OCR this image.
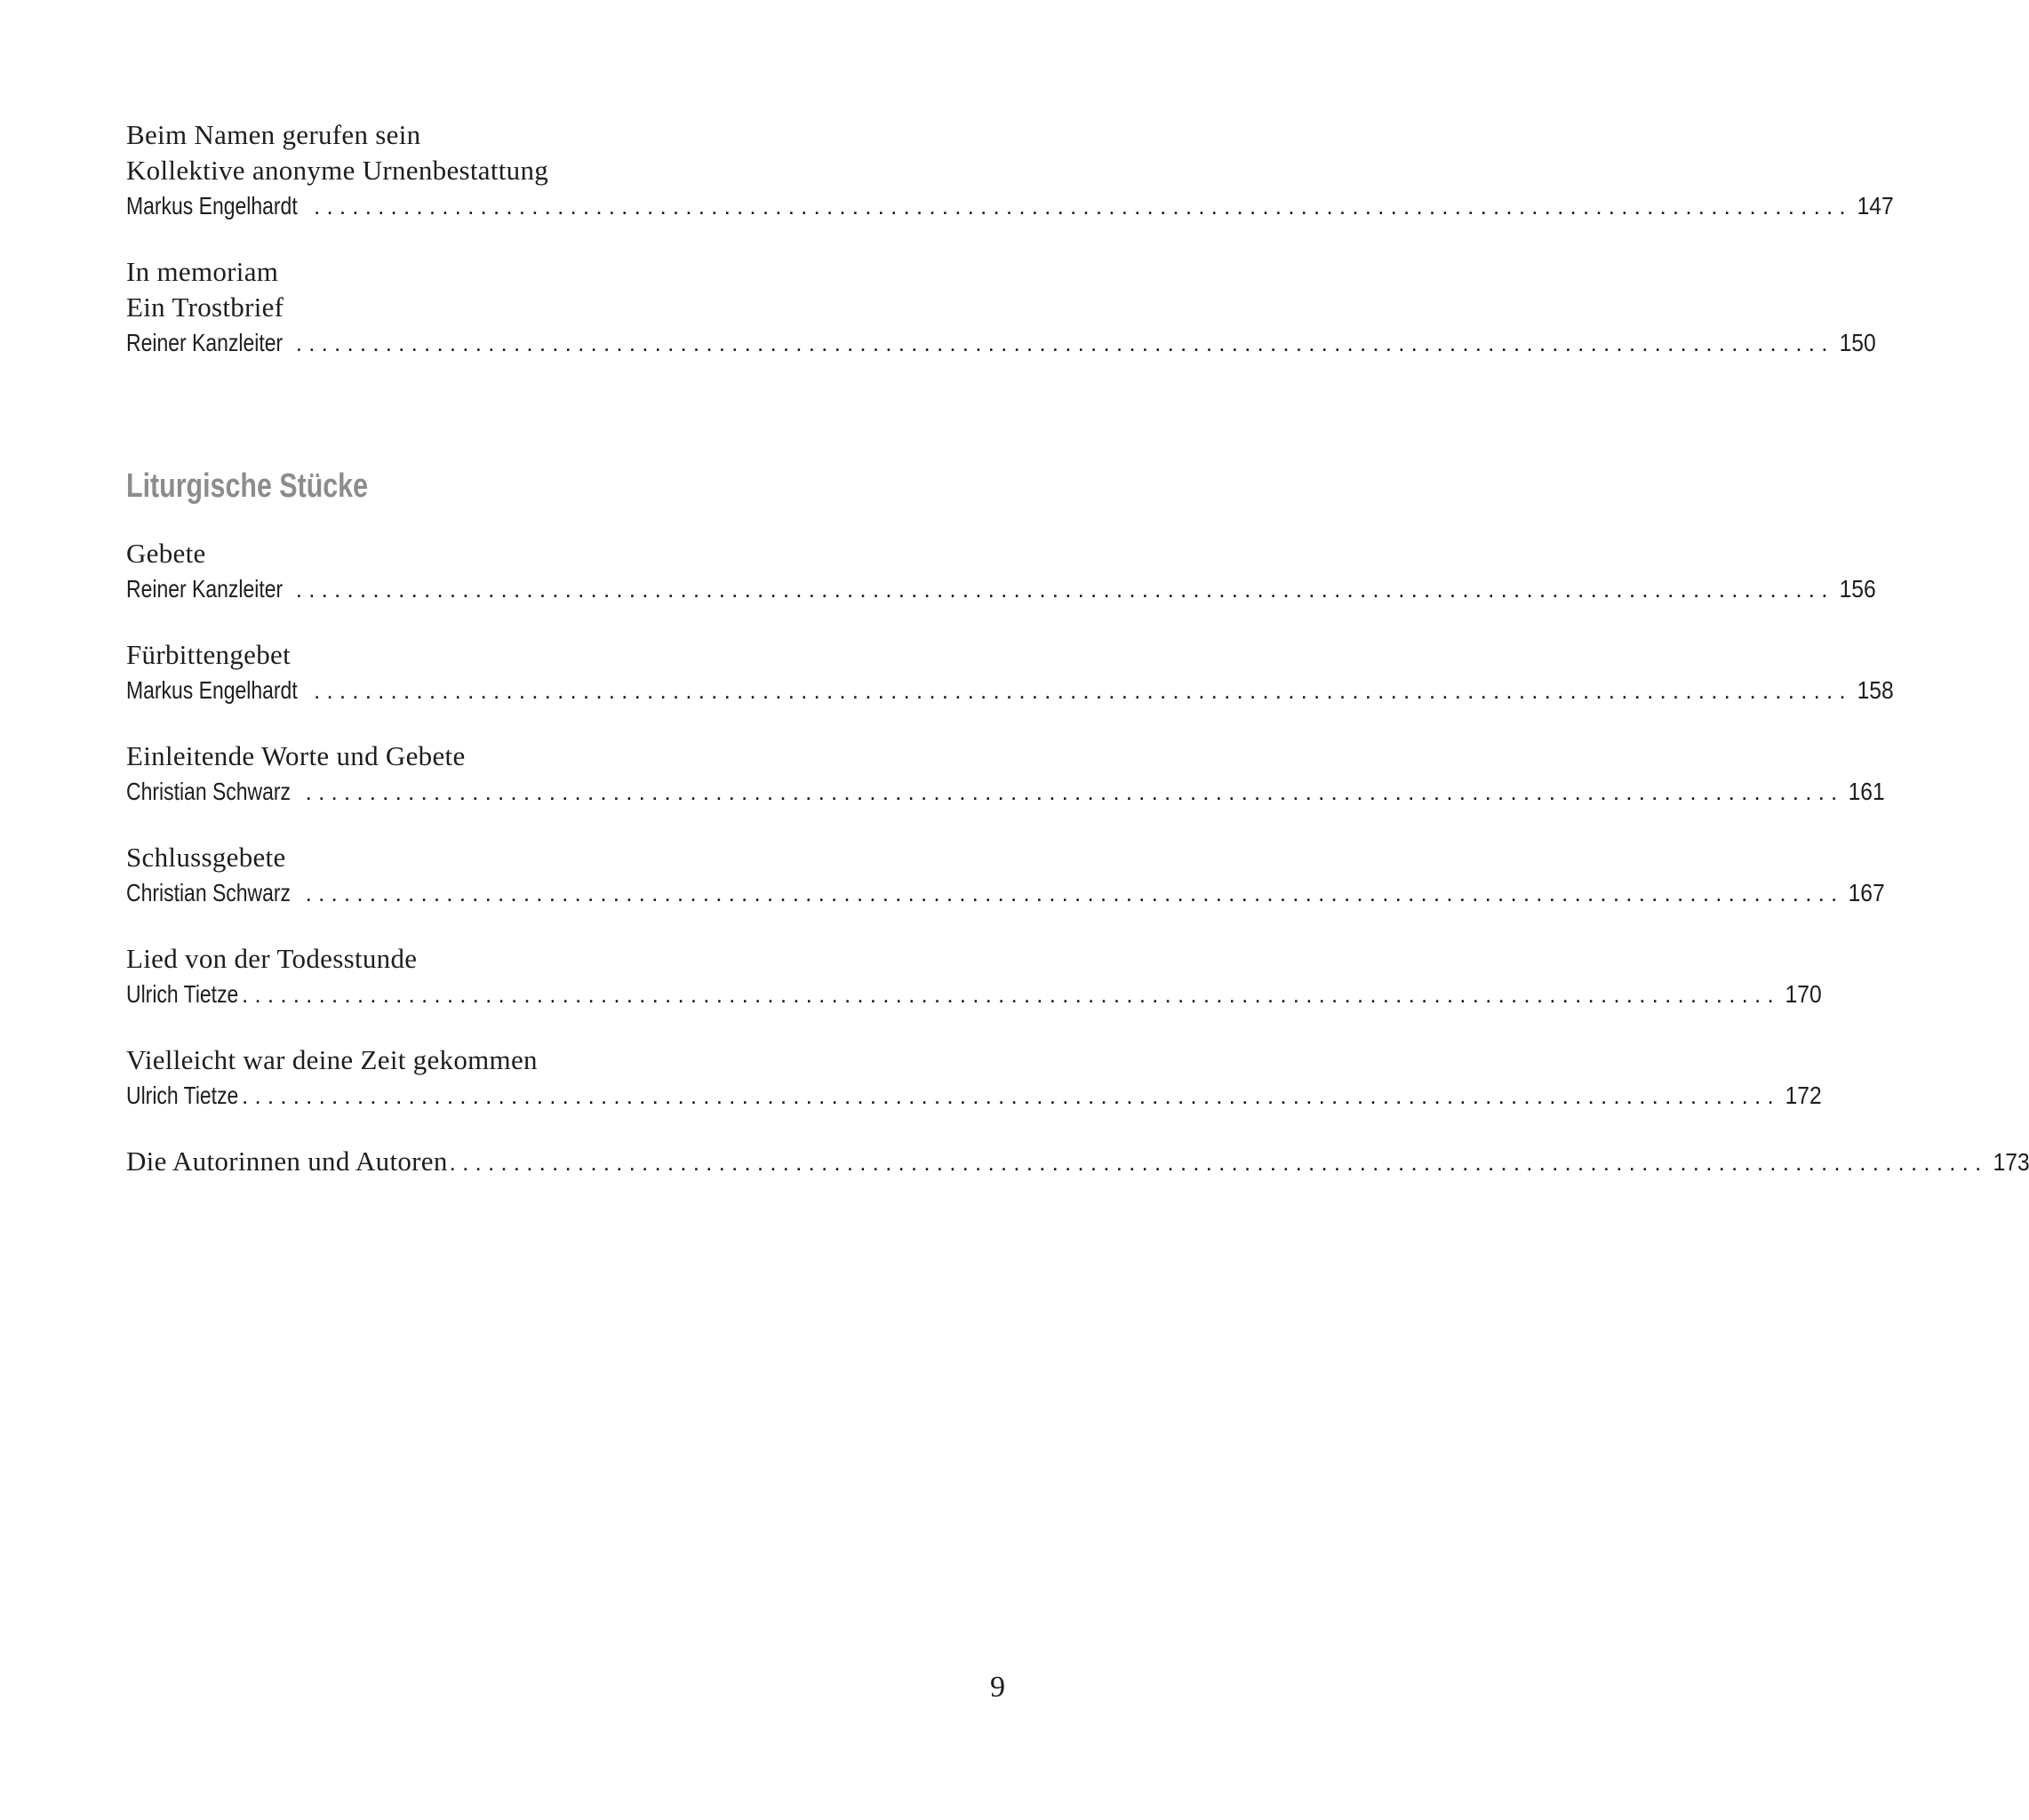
Beim Namen gerufen sein
Kollektive anonyme Urnenbestattung
Markus Engelhardt ........................................................................................................................ 147
In memoriam
Ein Trostbrief
Reiner Kanzleiter ........................................................................................................................ 150
Liturgische Stücke
Gebete
Reiner Kanzleiter ........................................................................................................................ 156
Fürbittengebet
Markus Engelhardt ........................................................................................................................ 158
Einleitende Worte und Gebete
Christian Schwarz ........................................................................................................................ 161
Schlussgebete
Christian Schwarz ........................................................................................................................ 167
Lied von der Todesstunde
Ulrich Tietze ........................................................................................................................ 170
Vielleicht war deine Zeit gekommen
Ulrich Tietze ........................................................................................................................ 172
Die Autorinnen und Autoren ........................................................................................................................ 173
9
